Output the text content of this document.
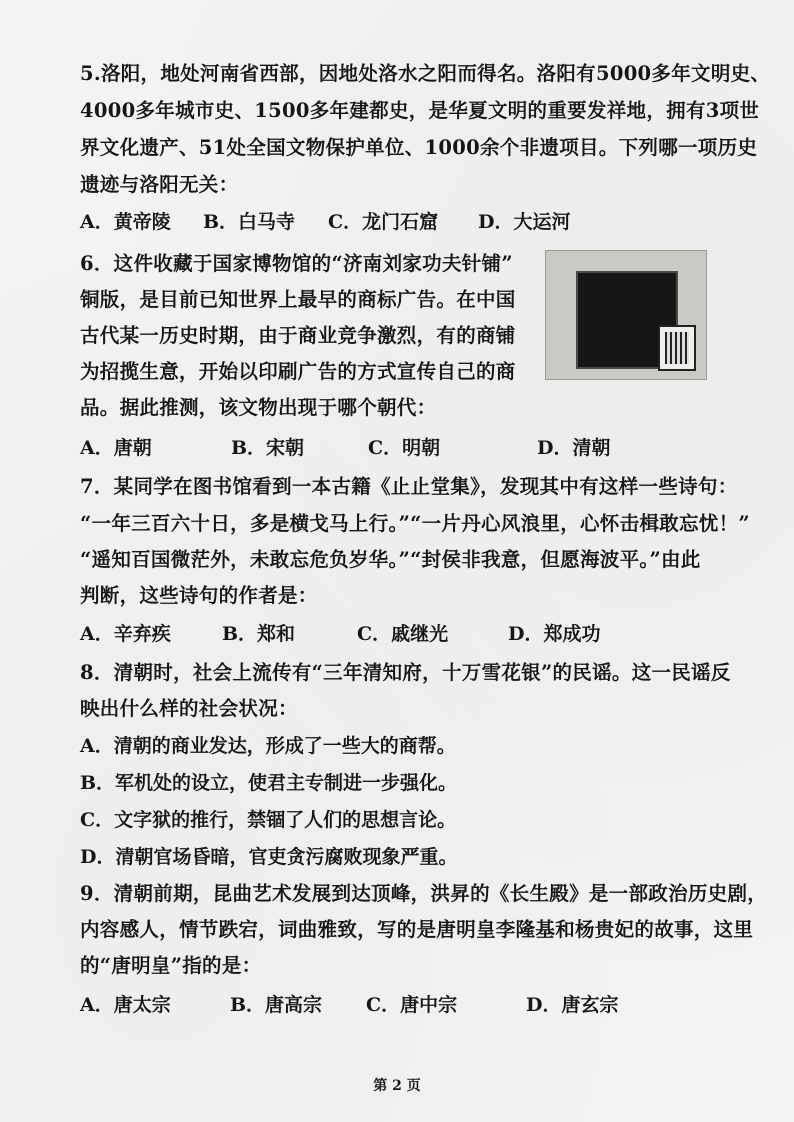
5.洛阳，地处河南省西部，因地处洛水之阳而得名。洛阳有5000多年文明史、
4000多年城市史、1500多年建都史，是华夏文明的重要发祥地，拥有3项世
界文化遗产、51处全国文物保护单位、1000余个非遗项目。下列哪一项历史
遗迹与洛阳无关：
A．黄帝陵 B．白马寺 C．龙门石窟 D．大运河
6．这件收藏于国家博物馆的“济南刘家功夫针铺”
铜版，是目前已知世界上最早的商标广告。在中国
古代某一历史时期，由于商业竞争激烈，有的商铺
为招揽生意，开始以印刷广告的方式宣传自己的商
品。据此推测，该文物出现于哪个朝代：
A．唐朝	B．宋朝	C．明朝	D．清朝
7．某同学在图书馆看到一本古籍《止止堂集》，发现其中有这样一些诗句：
“一年三百六十日，多是横戈马上行。”“一片丹心风浪里，心怀击楫敢忘忧！”
“遥知百国微茫外，未敢忘危负岁华。”“封侯非我意，但愿海波平。”由此
判断，这些诗句的作者是：
A．辛弃疾	B．郑和	C．戚继光	D．郑成功
8．清朝时，社会上流传有“三年清知府，十万雪花银”的民谣。这一民谣反
映出什么样的社会状况：
A．清朝的商业发达，形成了一些大的商帮。
B．军机处的设立，使君主专制进一步强化。
C．文字狱的推行，禁锢了人们的思想言论。
D．清朝官场昏暗，官吏贪污腐败现象严重。
9．清朝前期，昆曲艺术发展到达顶峰，洪昇的《长生殿》是一部政治历史剧，
内容感人，情节跌宕，词曲雅致，写的是唐明皇李隆基和杨贵妃的故事，这里
的“唐明皇”指的是：
A．唐太宗	B．唐高宗 C．唐中宗	D．唐玄宗
第 2 页
